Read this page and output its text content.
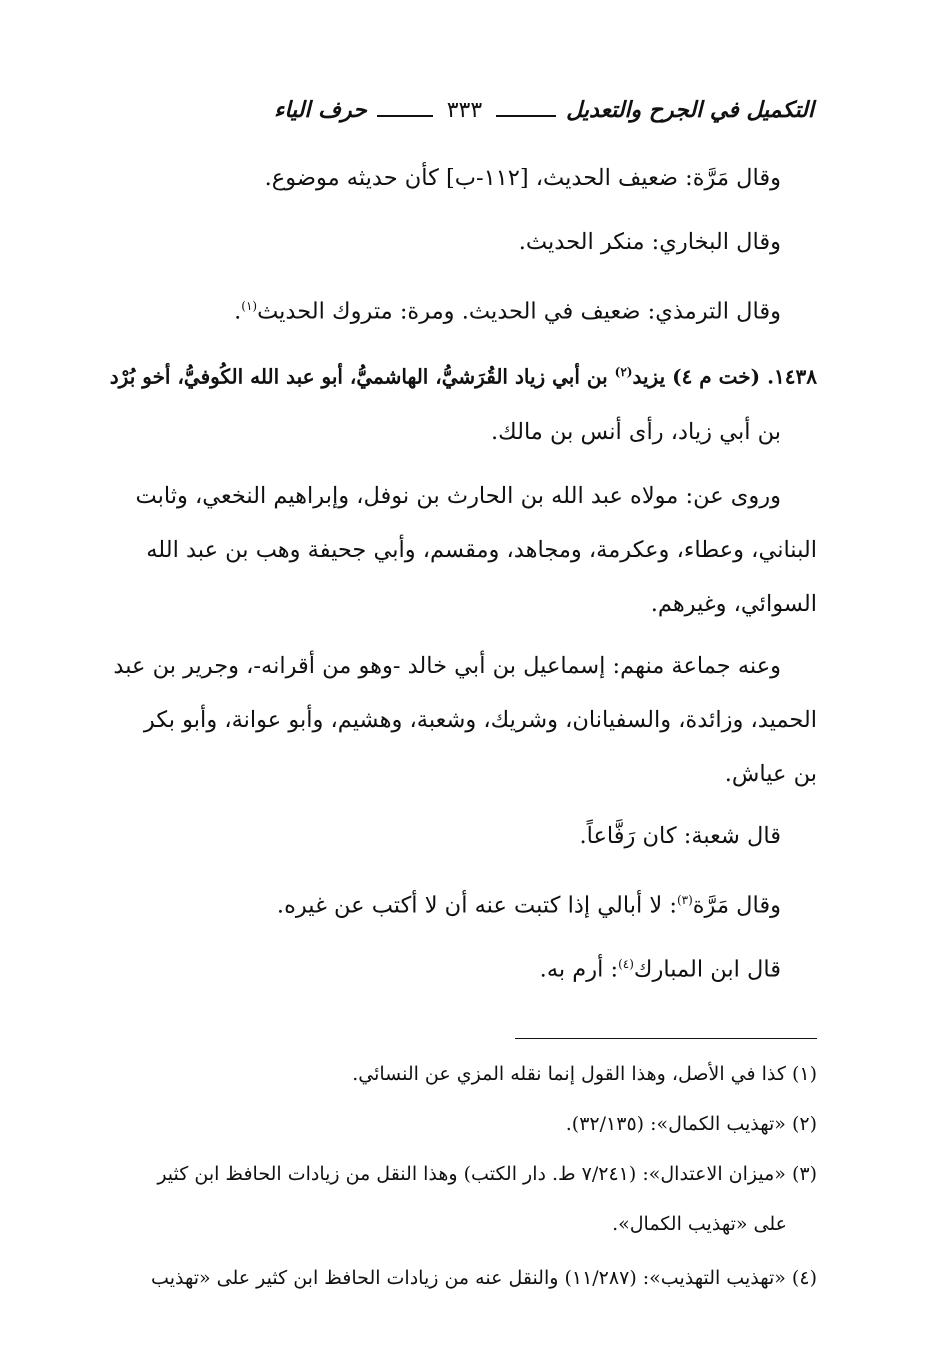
التكميل في الجرح والتعديل
٣٣٣
حرف الياء
وقال مَرَّة: ضعيف الحديث، [١١٢-ب] كأن حديثه موضوع.
وقال البخاري: منكر الحديث.
وقال الترمذي: ضعيف في الحديث. ومرة: متروك الحديث$^{(١)}$.
١٤٣٨. (خت م ٤) يزيد$^{(٢)}$ بن أبي زياد القُرَشيُّ، الهاشميُّ، أبو عبد الله الكُوفيُّ، أخو بُرْد
بن أبي زياد، رأى أنس بن مالك.
وروى عن: مولاه عبد الله بن الحارث بن نوفل، وإبراهيم النخعي، وثابت
البناني، وعطاء، وعكرمة، ومجاهد، ومقسم، وأبي جحيفة وهب بن عبد الله
السوائي، وغيرهم.
وعنه جماعة منهم: إسماعيل بن أبي خالد -وهو من أقرانه-، وجرير بن عبد
الحميد، وزائدة، والسفيانان، وشريك، وشعبة، وهشيم، وأبو عوانة، وأبو بكر
بن عياش.
قال شعبة: كان رَفَّاعاً.
وقال مَرَّة$^{(٣)}$: لا أبالي إذا كتبت عنه أن لا أكتب عن غيره.
قال ابن المبارك$^{(٤)}$: أرم به.
(١) كذا في الأصل، وهذا القول إنما نقله المزي عن النسائي.
(٢) «تهذيب الكمال»: (٣٢/١٣٥).
(٣) «ميزان الاعتدال»: (٧/٢٤١ ط. دار الكتب) وهذا النقل من زيادات الحافظ ابن كثير
على «تهذيب الكمال».
(٤) «تهذيب التهذيب»: (١١/٢٨٧) والنقل عنه من زيادات الحافظ ابن كثير على «تهذيب
